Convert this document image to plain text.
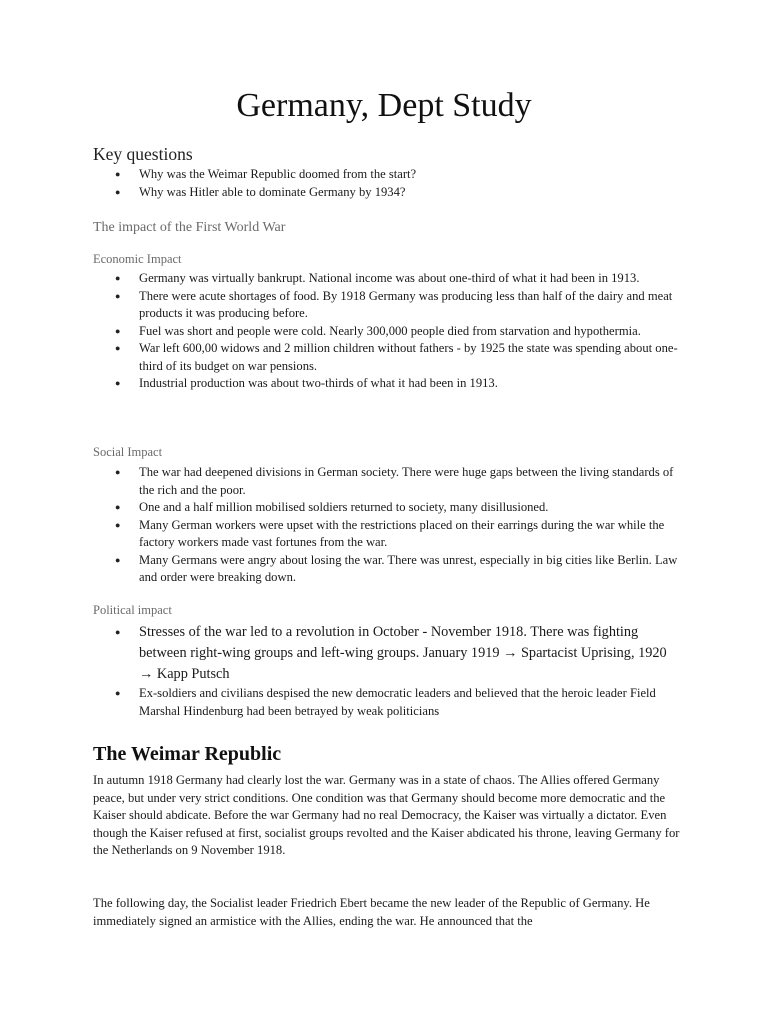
Germany, Dept Study
Key questions
● Why was the Weimar Republic doomed from the start?
● Why was Hitler able to dominate Germany by 1934?
The impact of the First World War
Economic Impact
● Germany was virtually bankrupt. National income was about one-third of what it had been in 1913.
● There were acute shortages of food. By 1918 Germany was producing less than half of the dairy and meat products it was producing before.
● Fuel was short and people were cold. Nearly 300,000 people died from starvation and hypothermia.
● War left 600,00 widows and 2 million children without fathers - by 1925 the state was spending about one-third of its budget on war pensions.
● Industrial production was about two-thirds of what it had been in 1913.
Social Impact
● The war had deepened divisions in German society. There were huge gaps between the living standards of the rich and the poor.
● One and a half million mobilised soldiers returned to society, many disillusioned.
● Many German workers were upset with the restrictions placed on their earrings during the war while the factory workers made vast fortunes from the war.
● Many Germans were angry about losing the war. There was unrest, especially in big cities like Berlin. Law and order were breaking down.
Political impact
● Stresses of the war led to a revolution in October - November 1918. There was fighting between right-wing groups and left-wing groups. January 1919 → Spartacist Uprising, 1920 → Kapp Putsch
● Ex-soldiers and civilians despised the new democratic leaders and believed that the heroic leader Field Marshal Hindenburg had been betrayed by weak politicians
The Weimar Republic

In autumn 1918 Germany had clearly lost the war. Germany was in a state of chaos. The Allies offered Germany peace, but under very strict conditions. One condition was that Germany should become more democratic and the Kaiser should abdicate. Before the war Germany had no real Democracy, the Kaiser was virtually a dictator. Even though the Kaiser refused at first, socialist groups revolted and the Kaiser abdicated his throne, leaving Germany for the Netherlands on 9 November 1918.

The following day, the Socialist leader Friedrich Ebert became the new leader of the Republic of Germany. He immediately signed an armistice with the Allies, ending the war. He announced that the
